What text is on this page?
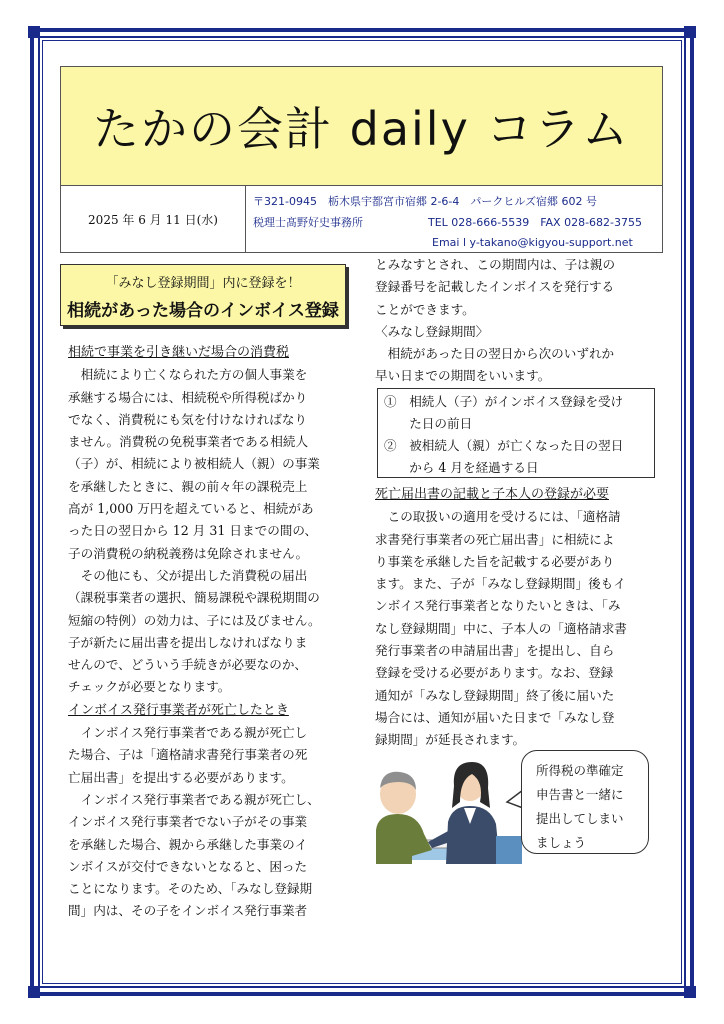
たかの会計 daily コラム
2025 年 6 月 11 日(水)
〒321-0945　栃木県宇都宮市宿郷 2-6-4　パークヒルズ宿郷 602 号
税理士髙野好史事務所	TEL 028-666-5539　FAX 028-682-3755
Emai l y-takano@kigyou-support.net
「みなし登録期間」内に登録を！
相続があった場合のインボイス登録
相続で事業を引き継いだ場合の消費税
　相続により亡くなられた方の個人事業を
承継する場合には、相続税や所得税ばかり
でなく、消費税にも気を付けなければなり
ません。消費税の免税事業者である相続人
（子）が、相続により被相続人（親）の事業
を承継したときに、親の前々年の課税売上
高が 1,000 万円を超えていると、相続があ
った日の翌日から 12 月 31 日までの間の、
子の消費税の納税義務は免除されません。
　その他にも、父が提出した消費税の届出
（課税事業者の選択、簡易課税や課税期間の
短縮の特例）の効力は、子には及びません。
子が新たに届出書を提出しなければなりま
せんので、どういう手続きが必要なのか、
チェックが必要となります。
インボイス発行事業者が死亡したとき
　インボイス発行事業者である親が死亡し
た場合、子は「適格請求書発行事業者の死
亡届出書」を提出する必要があります。
　インボイス発行事業者である親が死亡し、
インボイス発行事業者でない子がその事業
を承継した場合、親から承継した事業のイ
ンボイスが交付できないとなると、困った
ことになります。そのため、「みなし登録期
間」内は、その子をインボイス発行事業者
とみなすとされ、この期間内は、子は親の
登録番号を記載したインボイスを発行する
ことができます。
〈みなし登録期間〉
　相続があった日の翌日から次のいずれか
早い日までの期間をいいます。
①　相続人（子）がインボイス登録を受け
　　た日の前日
②　被相続人（親）が亡くなった日の翌日
　　から 4 月を経過する日
死亡届出書の記載と子本人の登録が必要
　この取扱いの適用を受けるには、「適格請
求書発行事業者の死亡届出書」に相続によ
り事業を承継した旨を記載する必要があり
ます。また、子が「みなし登録期間」後もイ
ンボイス発行事業者となりたいときは、「み
なし登録期間」中に、子本人の「適格請求書
発行事業者の申請届出書」を提出し、自ら
登録を受ける必要があります。なお、登録
通知が「みなし登録期間」終了後に届いた
場合には、通知が届いた日まで「みなし登
録期間」が延長されます。
所得税の準確定
申告書と一緒に
提出してしまい
ましょう
